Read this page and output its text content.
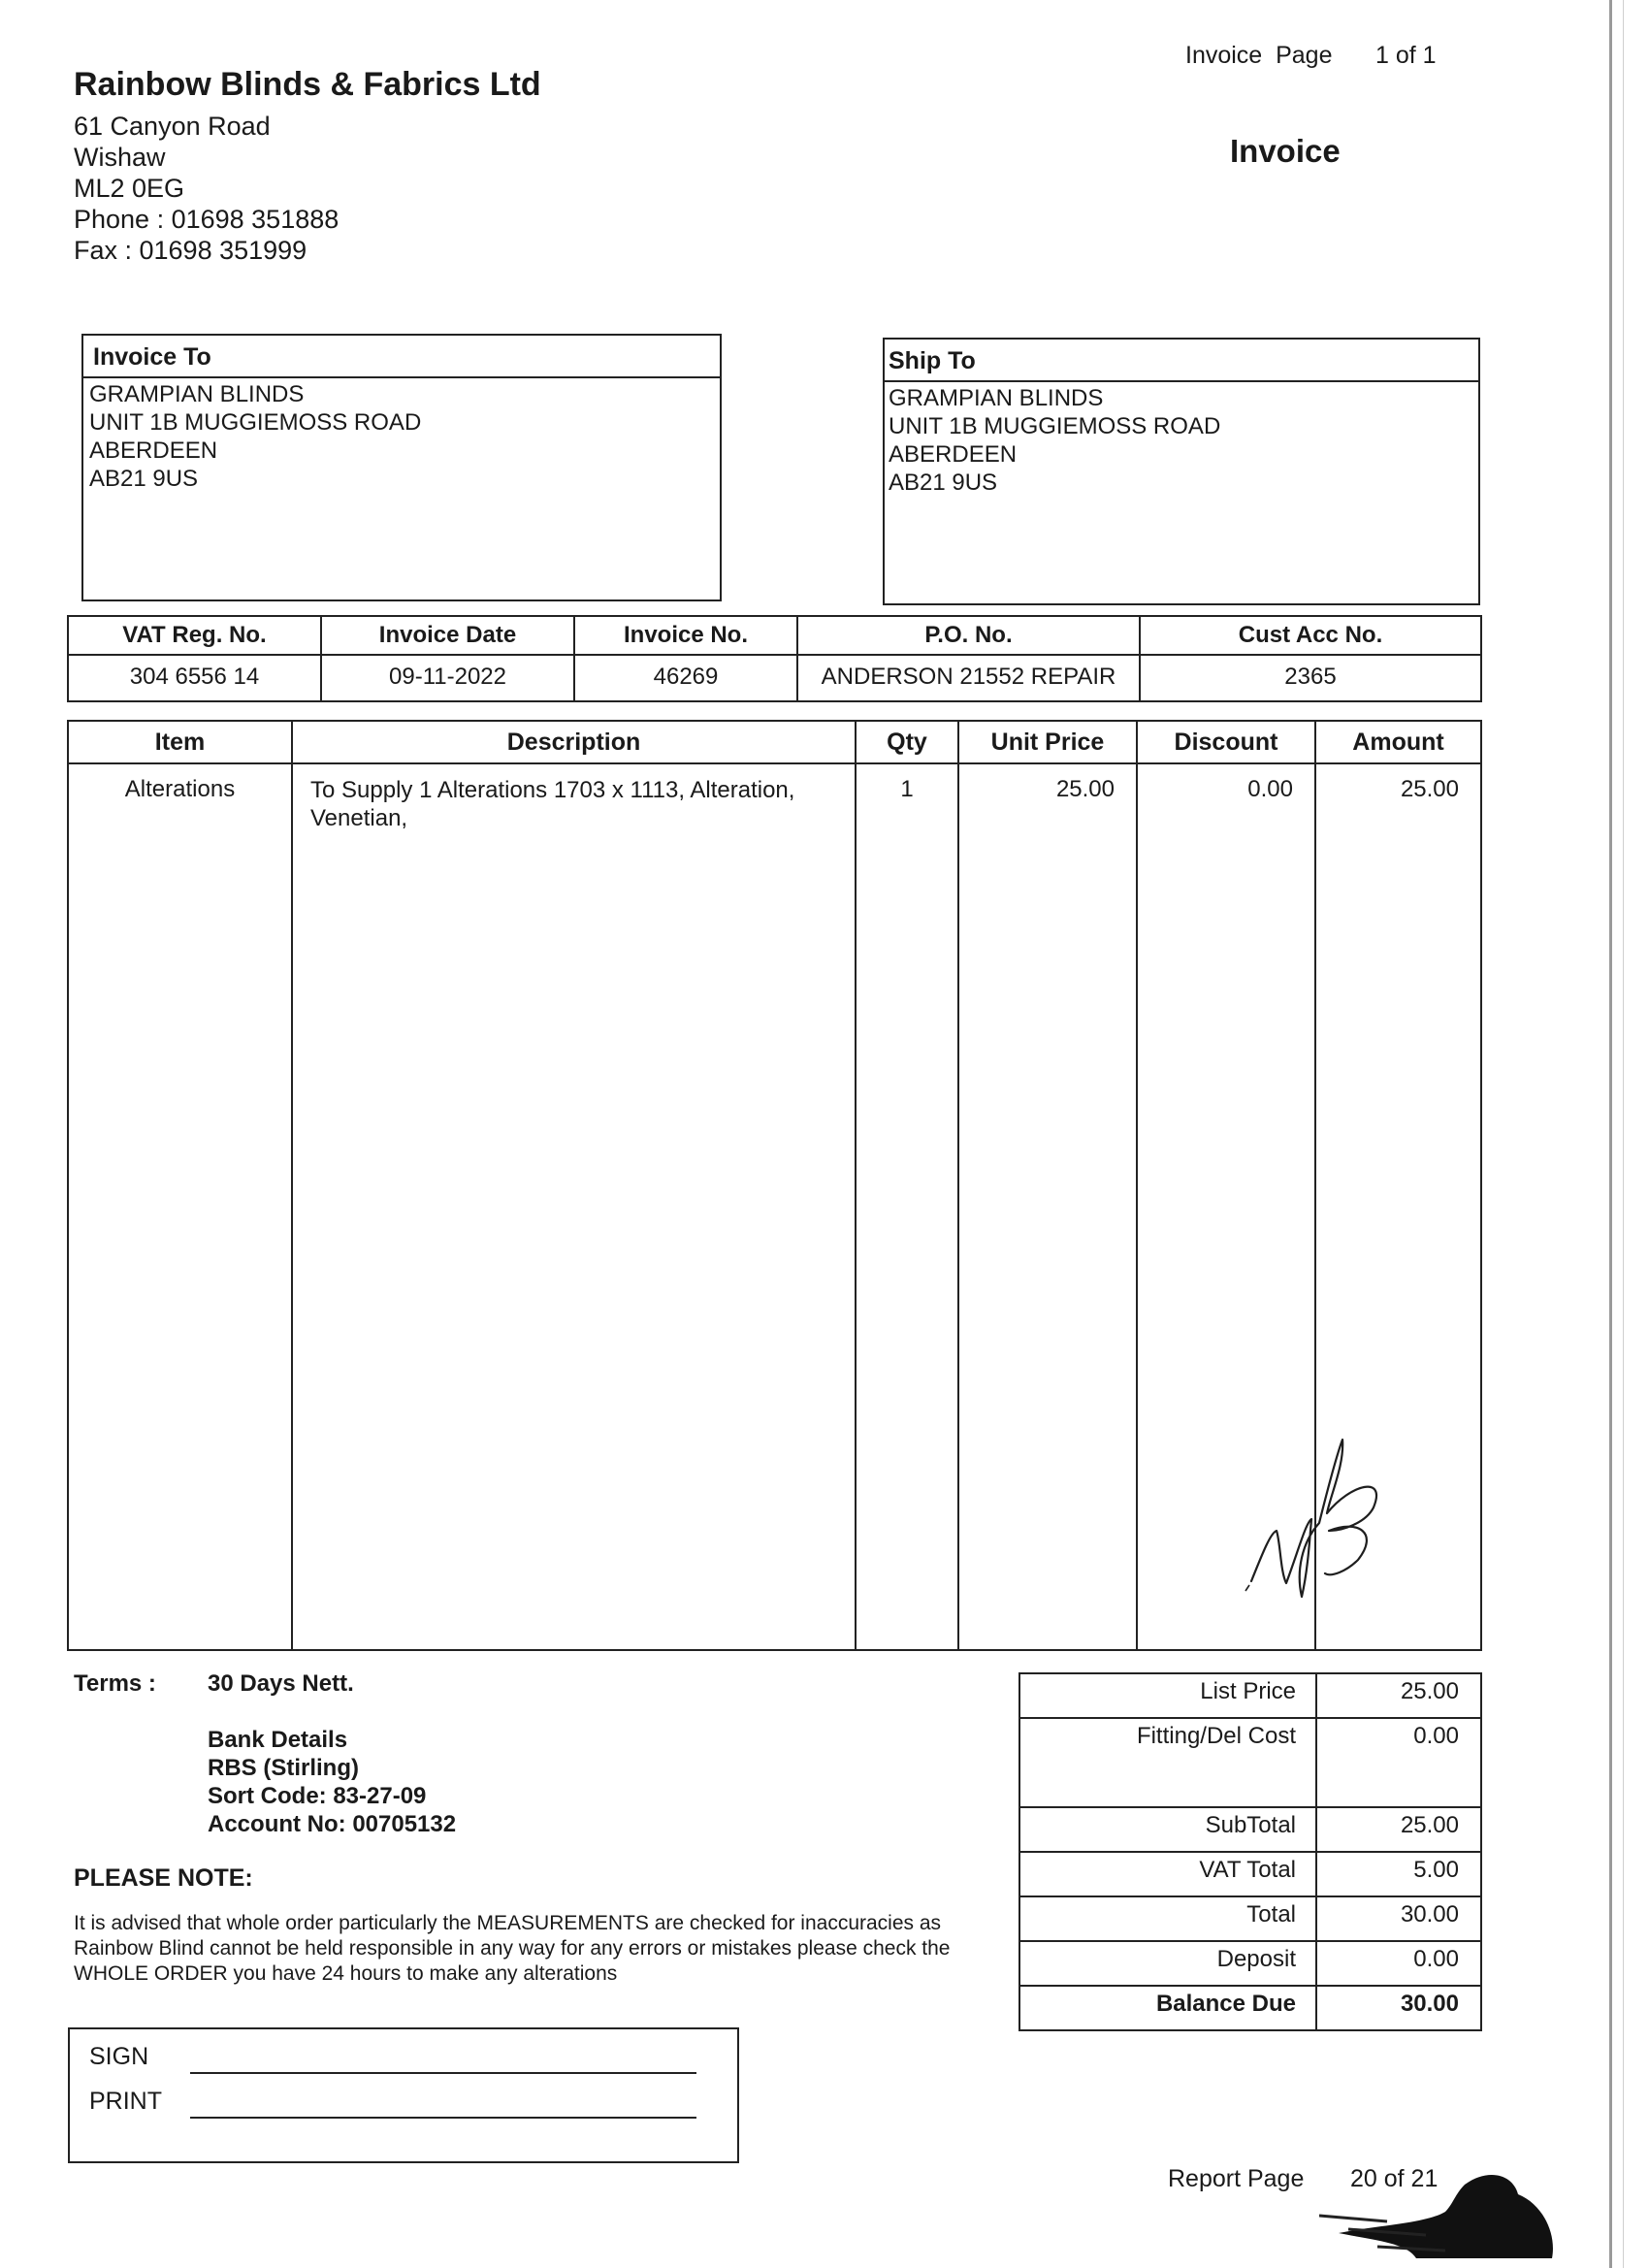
Rainbow Blinds & Fabrics Ltd
61 Canyon Road
Wishaw
ML2 0EG
Phone : 01698 351888
Fax : 01698 351999
Invoice  Page 1 of 1
Invoice
Invoice To
GRAMPIAN BLINDS
UNIT 1B MUGGIEMOSS ROAD
ABERDEEN
AB21 9US
Ship To
GRAMPIAN BLINDS
UNIT 1B MUGGIEMOSS ROAD
ABERDEEN
AB21 9US
VAT Reg. No.	Invoice Date	Invoice No.	P.O. No.	Cust Acc No.
304 6556 14	09-11-2022	46269	ANDERSON 21552 REPAIR	2365
Item	Description	Qty	Unit Price	Discount	Amount
Alterations	To Supply 1 Alterations 1703 x 1113, Alteration, Venetian,	1	25.00	0.00	25.00
Terms : 30 Days Nett.
Bank Details
RBS (Stirling)
Sort Code: 83-27-09
Account No: 00705132
PLEASE NOTE:
It is advised that whole order particularly the MEASUREMENTS are checked for inaccuracies as Rainbow Blind cannot be held responsible in any way for any errors or mistakes please check the WHOLE ORDER you have 24 hours to make any alterations
SIGN
PRINT
List Price	25.00
Fitting/Del Cost	0.00
SubTotal	25.00
VAT Total	5.00
Total	30.00
Deposit	0.00
Balance Due	30.00
Report Page 20 of 21
